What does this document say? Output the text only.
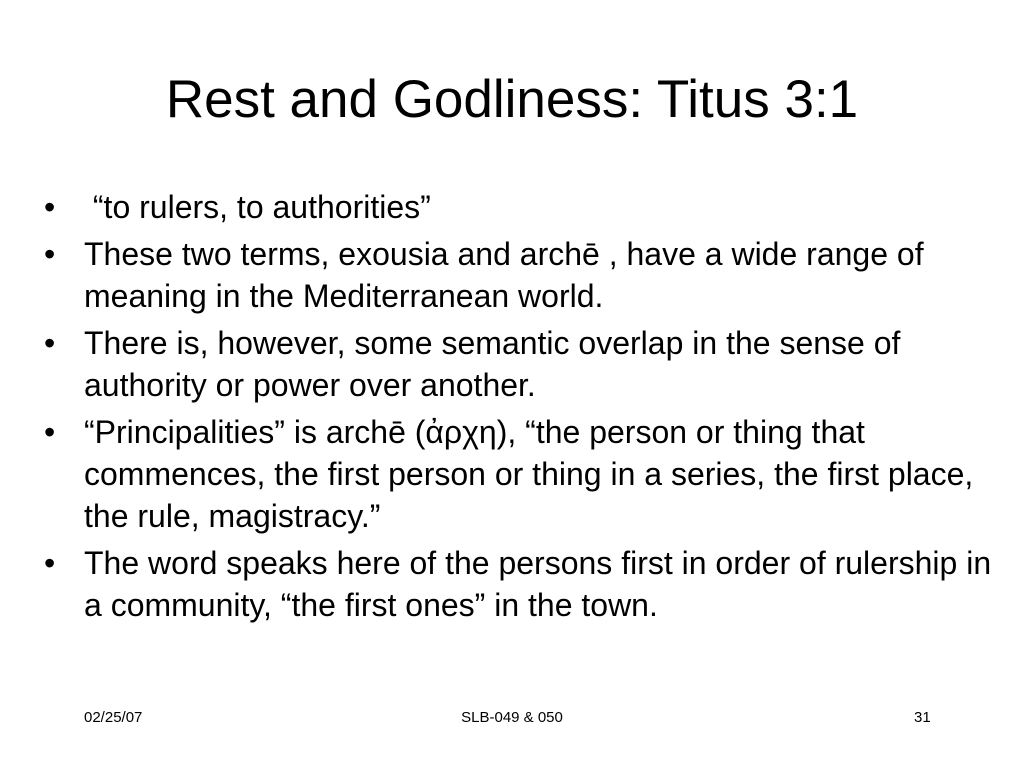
Rest and Godliness: Titus 3:1
• “to rulers, to authorities”
• These two terms, exousia and archē , have a wide range of meaning in the Mediterranean world.
• There is, however, some semantic overlap in the sense of authority or power over another.
• “Principalities” is archē (ἀρχη), “the person or thing that commences, the first person or thing in a series, the first place, the rule, magistracy.”
• The word speaks here of the persons first in order of rulership in a community, “the first ones” in the town.
02/25/07	SLB-049 & 050	31
